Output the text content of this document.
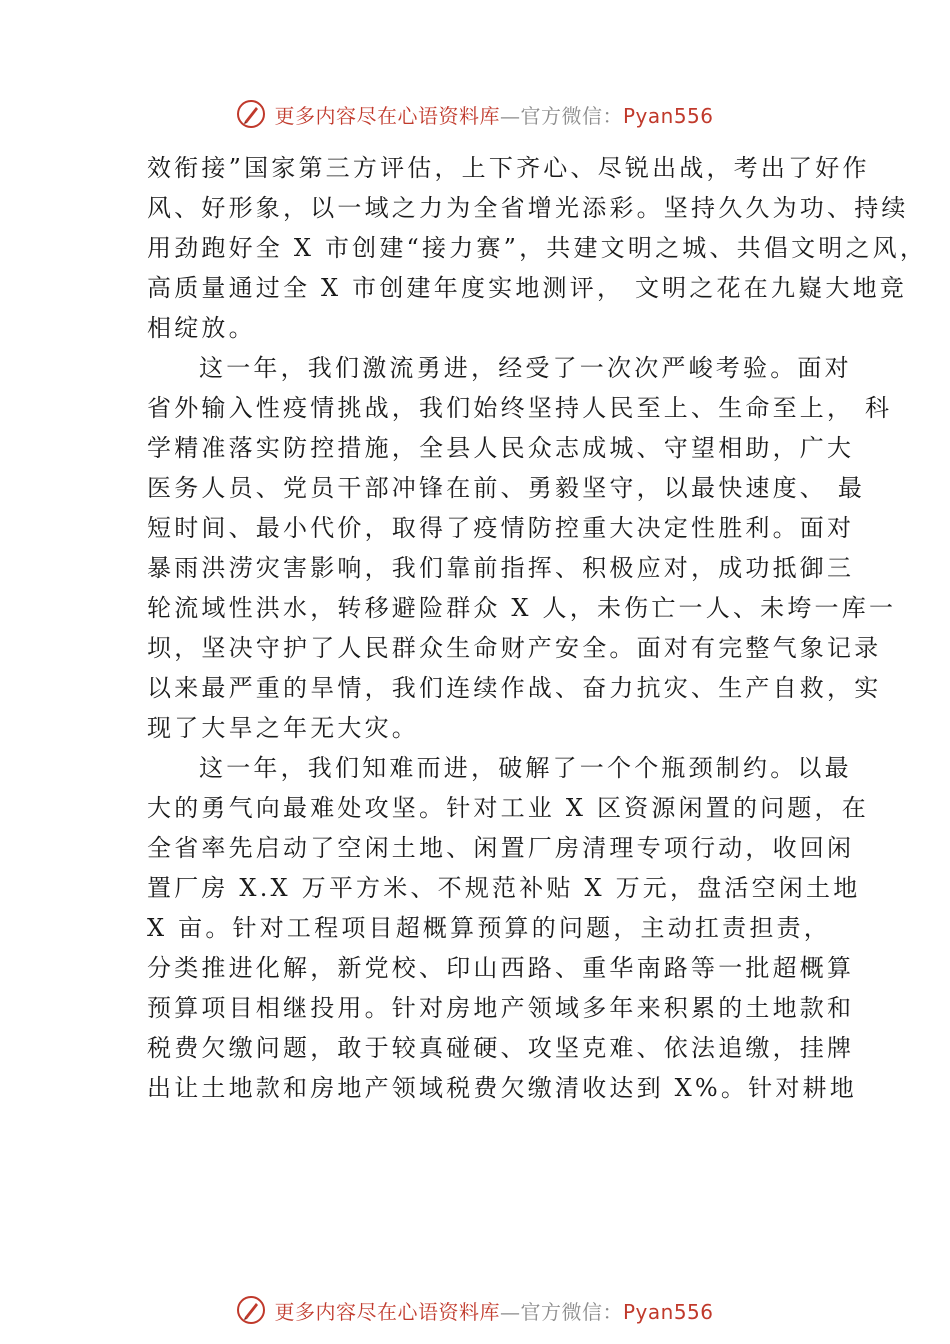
更多内容尽在心语资料库—官方微信：Pyan556
效衔接”国家第三方评估，上下齐心、尽锐出战，考出了好作
风、好形象，以一域之力为全省增光添彩。坚持久久为功、持续
用劲跑好全 X 市创建“接力赛”，共建文明之城、共倡文明之风，
高质量通过全 X 市创建年度实地测评， 文明之花在九嶷大地竞
相绽放。
这一年，我们激流勇进，经受了一次次严峻考验。面对
省外输入性疫情挑战，我们始终坚持人民至上、生命至上， 科
学精准落实防控措施，全县人民众志成城、守望相助，广大
医务人员、党员干部冲锋在前、勇毅坚守，以最快速度、 最
短时间、最小代价，取得了疫情防控重大决定性胜利。面对
暴雨洪涝灾害影响，我们靠前指挥、积极应对，成功抵御三
轮流域性洪水，转移避险群众 X 人，未伤亡一人、未垮一库一
坝，坚决守护了人民群众生命财产安全。面对有完整气象记录
以来最严重的旱情，我们连续作战、奋力抗灾、生产自救，实
现了大旱之年无大灾。
这一年，我们知难而进，破解了一个个瓶颈制约。以最
大的勇气向最难处攻坚。针对工业 X 区资源闲置的问题，在
全省率先启动了空闲土地、闲置厂房清理专项行动，收回闲
置厂房 X.X 万平方米、不规范补贴 X 万元，盘活空闲土地
X 亩。针对工程项目超概算预算的问题，主动扛责担责，
分类推进化解，新党校、印山西路、重华南路等一批超概算
预算项目相继投用。针对房地产领域多年来积累的土地款和
税费欠缴问题，敢于较真碰硬、攻坚克难、依法追缴，挂牌
出让土地款和房地产领域税费欠缴清收达到 X%。针对耕地
更多内容尽在心语资料库—官方微信：Pyan556
